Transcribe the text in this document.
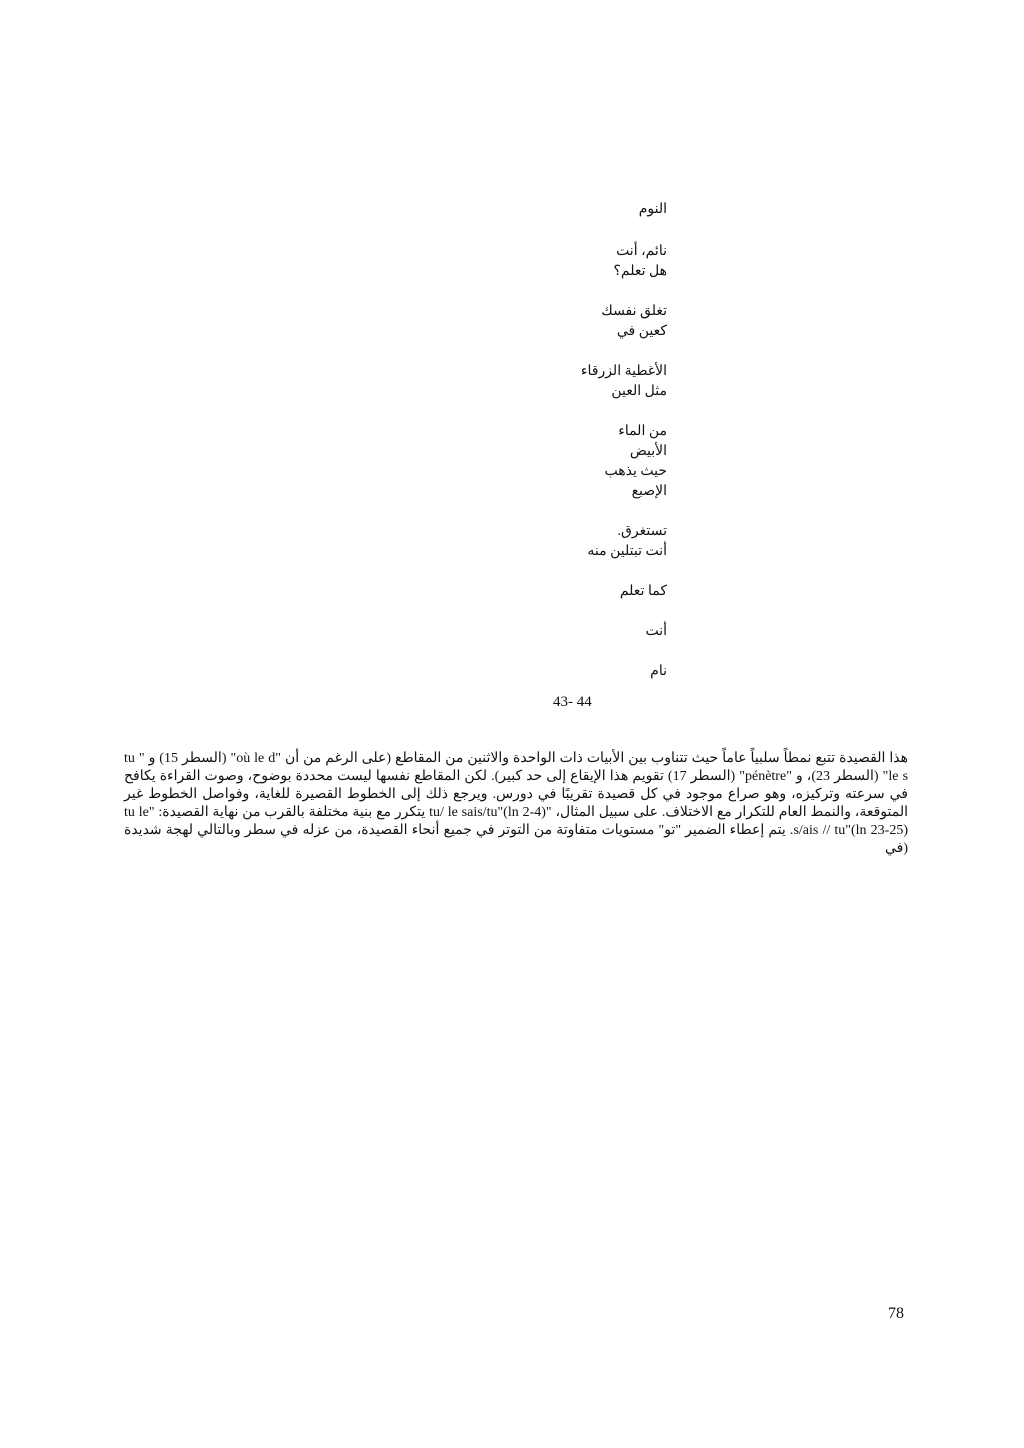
النوم
نائم، أنت
هل تعلم؟
تغلق نفسك
كعين في
الأغطية الزرقاء
مثل العين
من الماء
الأبيض
حيث يذهب
الإصبع
تستغرق.
أنت تبتلين منه
كما تعلم
أنت
نام
43- 44

هذا القصيدة تتبع نمطاً سلبياً عاماً حيث تتناوب بين الأبيات ذات الواحدة والاثنين من المقاطع (على الرغم من أن "où le d" (السطر 15) و " tu le s" (السطر 23)، و "pénètre" (السطر 17) تقويم هذا الإيقاع إلى حد كبير). لكن المقاطع نفسها ليست محددة بوضوح، وصوت القراءة يكافح في سرعته وتركيزه، وهو صراع موجود في كل قصيدة تقريبًا في دورس. ويرجع ذلك إلى الخطوط القصيرة للغاية، وفواصل الخطوط غير المتوقعة، والنمط العام للتكرار مع الاختلاف. على سبيل المثال، "tu/ le sais/tu"(ln 2-4) يتكرر مع بنية مختلفة بالقرب من نهاية القصيدة: "tu le s/ais // tu"(ln 23-25). يتم إعطاء الضمير "تو" مستويات متفاوتة من التوتر في جميع أنحاء القصيدة، من عزله في سطر وبالتالي لهجة شديدة (في

78
